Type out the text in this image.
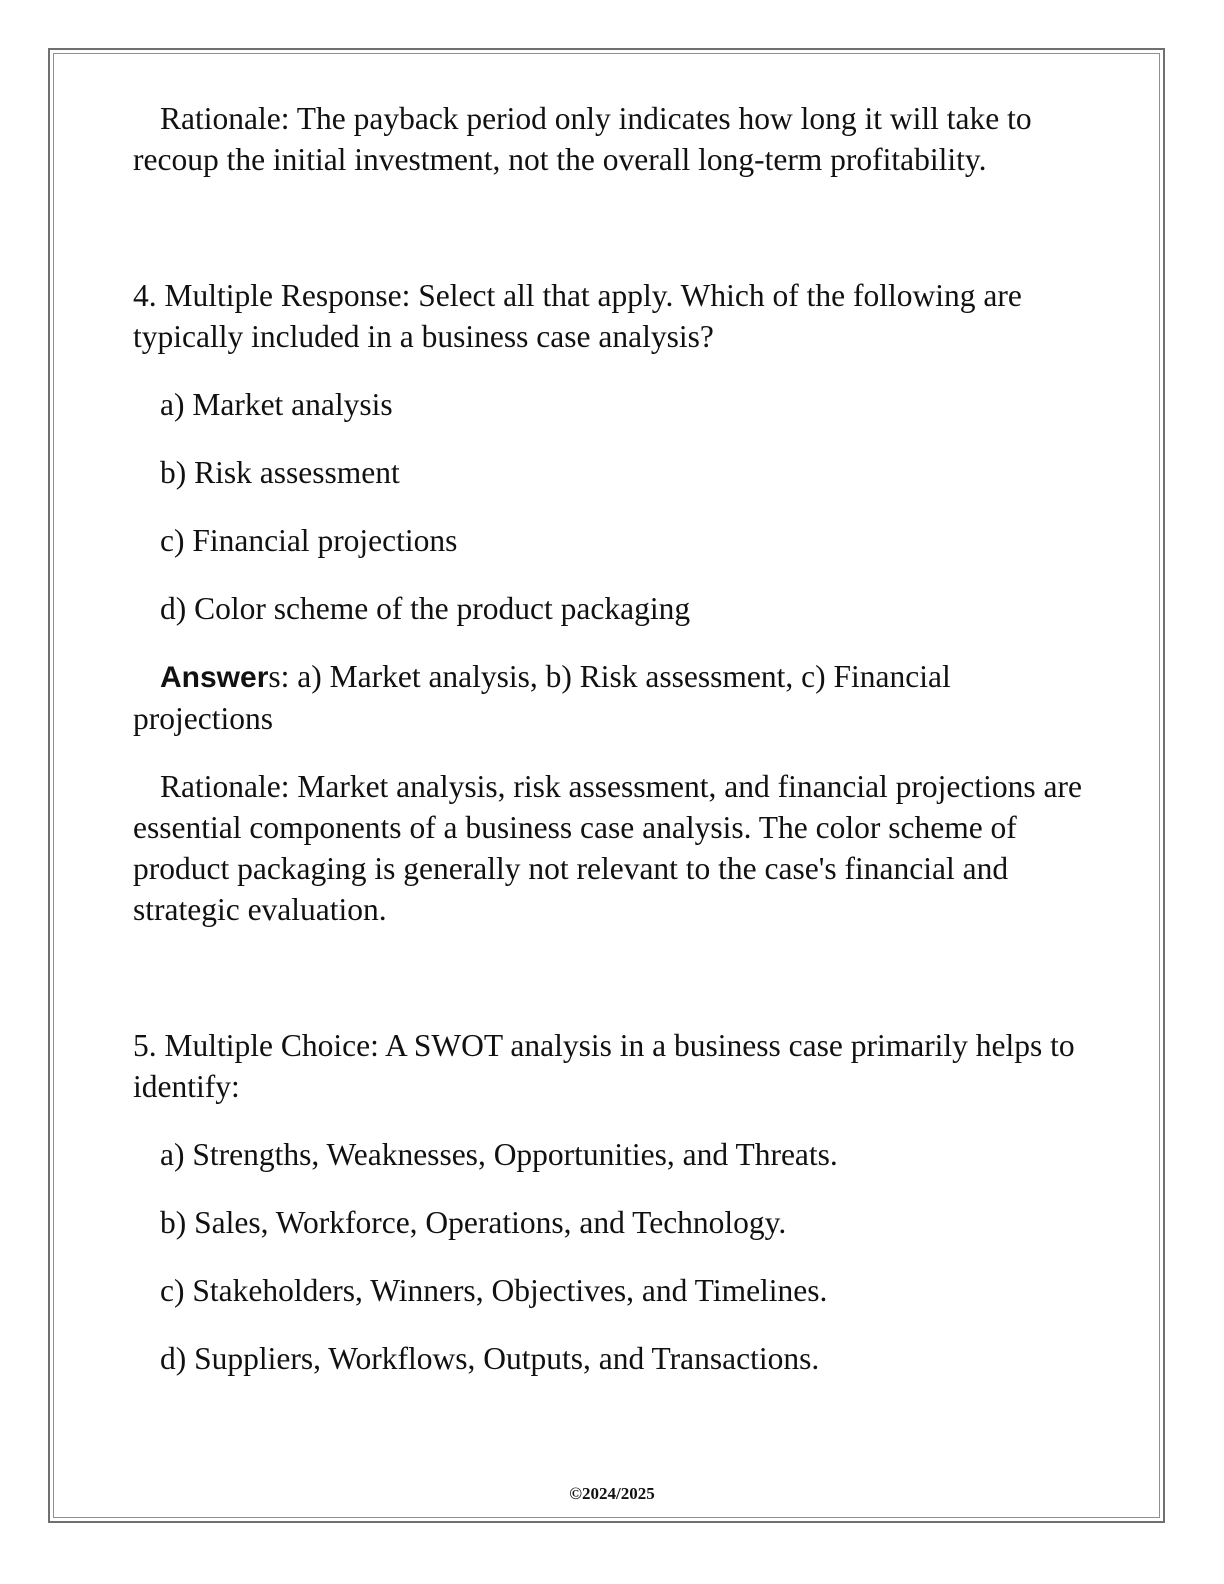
Rationale: The payback period only indicates how long it will take to recoup the initial investment, not the overall long-term profitability.

4. Multiple Response: Select all that apply. Which of the following are typically included in a business case analysis?

a) Market analysis

b) Risk assessment

c) Financial projections

d) Color scheme of the product packaging

Answers: a) Market analysis, b) Risk assessment, c) Financial projections

Rationale: Market analysis, risk assessment, and financial projections are essential components of a business case analysis. The color scheme of product packaging is generally not relevant to the case's financial and strategic evaluation.

5. Multiple Choice: A SWOT analysis in a business case primarily helps to identify:

a) Strengths, Weaknesses, Opportunities, and Threats.

b) Sales, Workforce, Operations, and Technology.

c) Stakeholders, Winners, Objectives, and Timelines.

d) Suppliers, Workflows, Outputs, and Transactions.

©2024/2025
